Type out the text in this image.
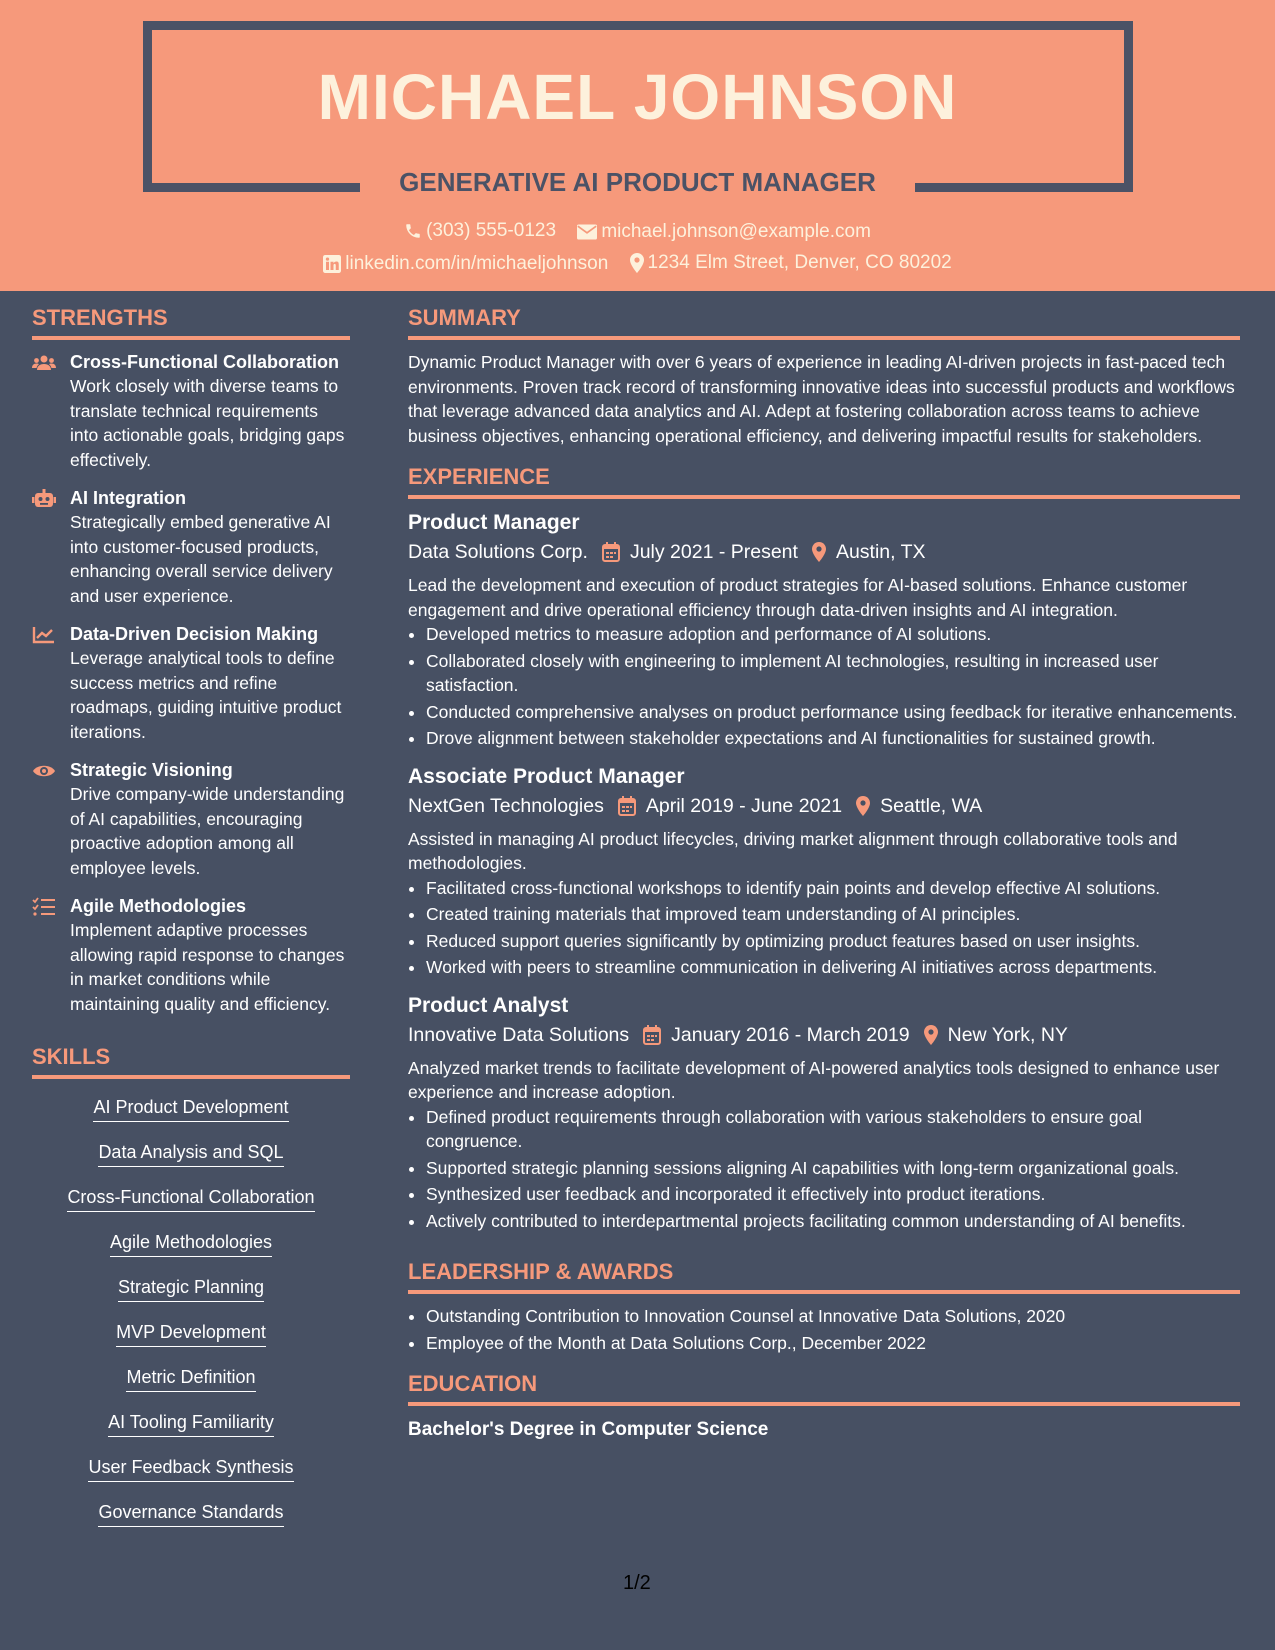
MICHAEL JOHNSON
GENERATIVE AI PRODUCT MANAGER
(303) 555-0123
michael.johnson@example.com
linkedin.com/in/michaeljohnson
1234 Elm Street, Denver, CO 80202
STRENGTHS
Cross-Functional Collaboration
Work closely with diverse teams to translate technical requirements into actionable goals, bridging gaps effectively.
AI Integration
Strategically embed generative AI into customer-focused products, enhancing overall service delivery and user experience.
Data-Driven Decision Making
Leverage analytical tools to define success metrics and refine roadmaps, guiding intuitive product iterations.
Strategic Visioning
Drive company-wide understanding of AI capabilities, encouraging proactive adoption among all employee levels.
Agile Methodologies
Implement adaptive processes allowing rapid response to changes in market conditions while maintaining quality and efficiency.
SKILLS
AI Product Development
Data Analysis and SQL
Cross-Functional Collaboration
Agile Methodologies
Strategic Planning
MVP Development
Metric Definition
AI Tooling Familiarity
User Feedback Synthesis
Governance Standards
SUMMARY
Dynamic Product Manager with over 6 years of experience in leading AI-driven projects in fast-paced tech environments. Proven track record of transforming innovative ideas into successful products and workflows that leverage advanced data analytics and AI. Adept at fostering collaboration across teams to achieve business objectives, enhancing operational efficiency, and delivering impactful results for stakeholders.
EXPERIENCE
Product Manager
Data Solutions Corp. July 2021 - Present Austin, TX
Lead the development and execution of product strategies for AI-based solutions. Enhance customer engagement and drive operational efficiency through data-driven insights and AI integration.
• Developed metrics to measure adoption and performance of AI solutions.
• Collaborated closely with engineering to implement AI technologies, resulting in increased user satisfaction.
• Conducted comprehensive analyses on product performance using feedback for iterative enhancements.
• Drove alignment between stakeholder expectations and AI functionalities for sustained growth.
Associate Product Manager
NextGen Technologies April 2019 - June 2021 Seattle, WA
Assisted in managing AI product lifecycles, driving market alignment through collaborative tools and methodologies.
• Facilitated cross-functional workshops to identify pain points and develop effective AI solutions.
• Created training materials that improved team understanding of AI principles.
• Reduced support queries significantly by optimizing product features based on user insights.
• Worked with peers to streamline communication in delivering AI initiatives across departments.
Product Analyst
Innovative Data Solutions January 2016 - March 2019 New York, NY
Analyzed market trends to facilitate development of AI-powered analytics tools designed to enhance user experience and increase adoption.
• Defined product requirements through collaboration with various stakeholders to ensure goal congruence.
• Supported strategic planning sessions aligning AI capabilities with long-term organizational goals.
• Synthesized user feedback and incorporated it effectively into product iterations.
• Actively contributed to interdepartmental projects facilitating common understanding of AI benefits.
LEADERSHIP & AWARDS
• Outstanding Contribution to Innovation Counsel at Innovative Data Solutions, 2020
• Employee of the Month at Data Solutions Corp., December 2022
EDUCATION
Bachelor's Degree in Computer Science
1/2
